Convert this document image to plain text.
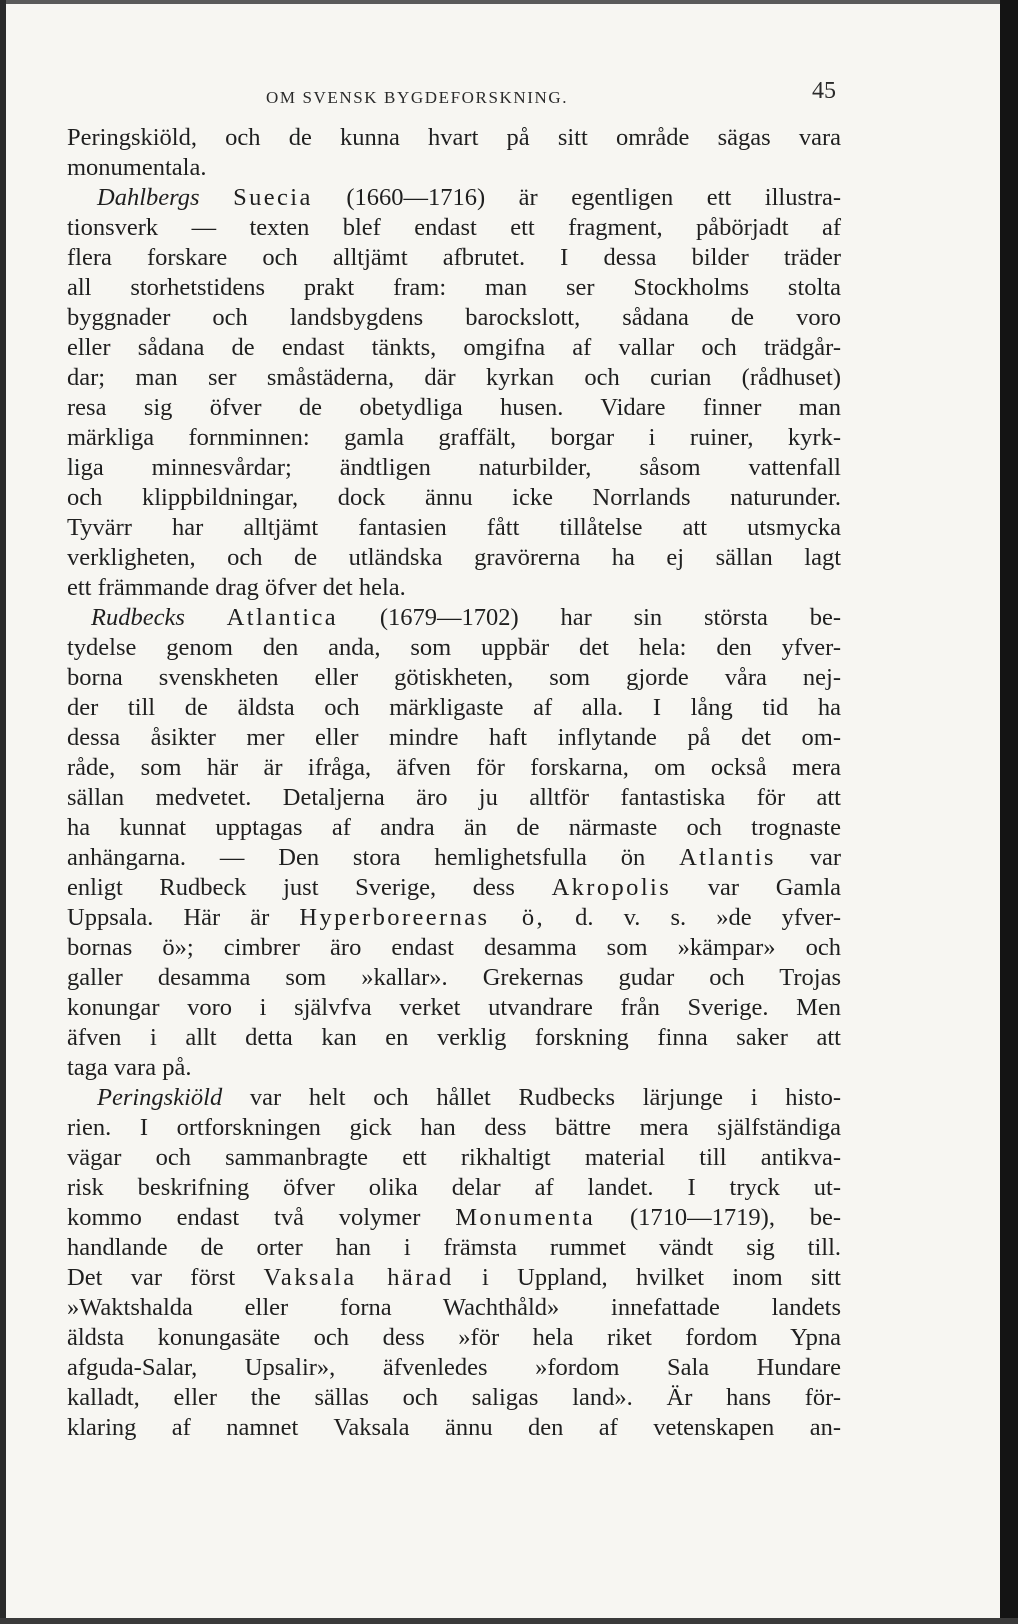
OM SVENSK BYGDEFORSKNING.	45
Peringskiöld, och de kunna hvart på sitt område sägas vara
monumentala.
Dahlbergs Suecia (1660—1716) är egentligen ett illustra-
tionsverk — texten blef endast ett fragment, påbörjadt af
flera forskare och alltjämt afbrutet. I dessa bilder träder
all storhetstidens prakt fram: man ser Stockholms stolta
byggnader och landsbygdens barockslott, sådana de voro
eller sådana de endast tänkts, omgifna af vallar och trädgår-
dar; man ser småstäderna, där kyrkan och curian (rådhuset)
resa sig öfver de obetydliga husen. Vidare finner man
märkliga fornminnen: gamla graffält, borgar i ruiner, kyrk-
liga minnesvårdar; ändtligen naturbilder, såsom vattenfall
och klippbildningar, dock ännu icke Norrlands naturunder.
Tyvärr har alltjämt fantasien fått tillåtelse att utsmycka
verkligheten, och de utländska gravörerna ha ej sällan lagt
ett främmande drag öfver det hela.
Rudbecks Atlantica (1679—1702) har sin största be-
tydelse genom den anda, som uppbär det hela: den yfver-
borna svenskheten eller götiskheten, som gjorde våra nej-
der till de äldsta och märkligaste af alla. I lång tid ha
dessa åsikter mer eller mindre haft inflytande på det om-
råde, som här är ifråga, äfven för forskarna, om också mera
sällan medvetet. Detaljerna äro ju alltför fantastiska för att
ha kunnat upptagas af andra än de närmaste och trognaste
anhängarna. — Den stora hemlighetsfulla ön Atlantis var
enligt Rudbeck just Sverige, dess Akropolis var Gamla
Uppsala. Här är Hyperboreernas ö, d. v. s. »de yfver-
bornas ö»; cimbrer äro endast desamma som »kämpar» och
galler desamma som »kallar». Grekernas gudar och Trojas
konungar voro i självfva verket utvandrare från Sverige. Men
äfven i allt detta kan en verklig forskning finna saker att
taga vara på.
Peringskiöld var helt och hållet Rudbecks lärjunge i histo-
rien. I ortforskningen gick han dess bättre mera själfständiga
vägar och sammanbragte ett rikhaltigt material till antikva-
risk beskrifning öfver olika delar af landet. I tryck ut-
kommo endast två volymer Monumenta (1710—1719), be-
handlande de orter han i främsta rummet vändt sig till.
Det var först Vaksala härad i Uppland, hvilket inom sitt
»Waktshalda eller forna Wachthåld» innefattade landets
äldsta konungasäte och dess »för hela riket fordom Ypna
afguda-Salar, Upsalir», äfvenledes »fordom Sala Hundare
kalladt, eller the sällas och saligas land». Är hans för-
klaring af namnet Vaksala ännu den af vetenskapen an-
